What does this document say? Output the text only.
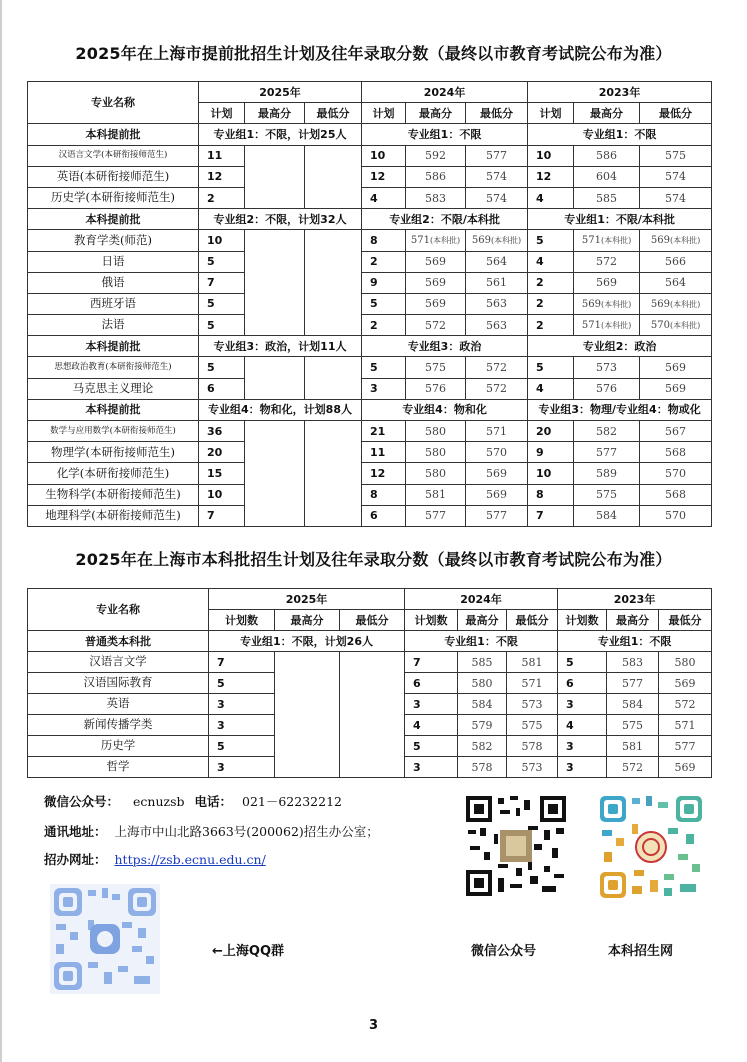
2025年在上海市提前批招生计划及往年录取分数（最终以市教育考试院公布为准）
专业名称	2025年			2024年			2023年		
	计划	最高分	最低分	计划	最高分	最低分	计划	最高分	最低分
本科提前批	专业组1：不限，计划25人			专业组1：不限			专业组1：不限		
汉语言文学(本研衔接师范生)	11			10	592	577	10	586	575
英语(本研衔接师范生)	12			12	586	574	12	604	574
历史学(本研衔接师范生)	2			4	583	574	4	585	574
本科提前批	专业组2：不限，计划32人			专业组2：不限/本科批			专业组1：不限/本科批		
教育学类(师范)	10			8	571(本科批)	569(本科批)	5	571(本科批)	569(本科批)
日语	5			2	569	564	4	572	566
俄语	7			9	569	561	2	569	564
西班牙语	5			5	569	563	2	569(本科批)	569(本科批)
法语	5			2	572	563	2	571(本科批)	570(本科批)
本科提前批	专业组3：政治，计划11人			专业组3：政治			专业组2：政治		
思想政治教育(本研衔接师范生)	5			5	575	572	5	573	569
马克思主义理论	6			3	576	572	4	576	569
本科提前批	专业组4：物和化，计划88人			专业组4：物和化			专业组3：物理/专业组4：物或化		
数学与应用数学(本研衔接师范生)	36			21	580	571	20	582	567
物理学(本研衔接师范生)	20			11	580	570	9	577	568
化学(本研衔接师范生)	15			12	580	569	10	589	570
生物科学(本研衔接师范生)	10			8	581	569	8	575	568
地理科学(本研衔接师范生)	7			6	577	577	7	584	570
2025年在上海市本科批招生计划及往年录取分数（最终以市教育考试院公布为准）
专业名称	2025年			2024年			2023年		
	计划数	最高分	最低分	计划数	最高分	最低分	计划数	最高分	最低分
普通类本科批	专业组1：不限，计划26人			专业组1：不限			专业组1：不限		
汉语言文学	7			7	585	581	5	583	580
汉语国际教育	5			6	580	571	6	577	569
英语	3			3	584	573	3	584	572
新闻传播学类	3			4	579	575	4	575	571
历史学	5			5	582	578	3	581	577
哲学	3			3	578	573	3	572	569
微信公众号： ecnuzsb 电话： 021－62232212
通讯地址： 上海市中山北路3663号(200062)招生办公室；
招办网址： https://zsb.ecnu.edu.cn/
←上海QQ群	微信公众号	本科招生网
3
